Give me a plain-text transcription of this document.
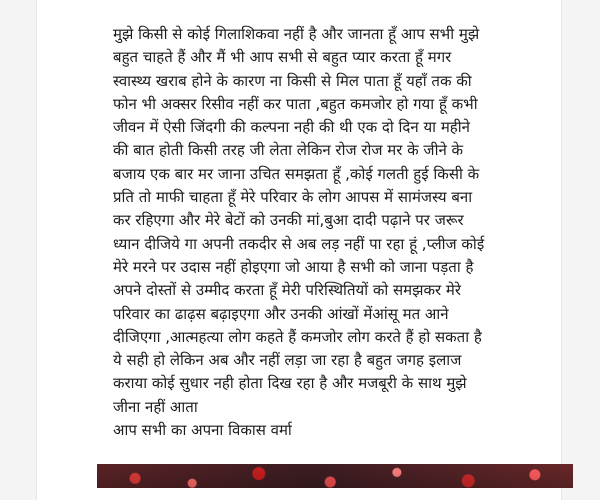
मुझे किसी से कोई गिलाशिकवा नहीं है और जानता हूँ आप सभी मुझे
बहुत चाहते हैं और मैं भी आप सभी से बहुत प्यार करता हूँ मगर
स्वास्थ्य खराब होने के कारण ना किसी से मिल पाता हूँ यहाँ तक की
फोन भी अक्सर रिसीव नहीं कर पाता ,बहुत कमजोर हो गया हूँ कभी
जीवन में ऐसी जिंदगी की कल्पना नही की थी एक दो दिन या महीने
की बात होती किसी तरह जी लेता लेकिन रोज रोज मर के जीने के
बजाय एक बार मर जाना उचित समझता हूँ ,कोई गलती हुई किसी के
प्रति तो माफी चाहता हूँ मेरे परिवार के लोग आपस में सामंजस्य बना
कर रहिएगा और मेरे बेटों को उनकी मां,बुआ दादी पढ़ाने पर जरूर
ध्यान दीजिये गा अपनी तकदीर से अब लड़ नहीं पा रहा हूं ,प्लीज कोई
मेरे मरने पर उदास नहीं होइएगा जो आया है सभी को जाना पड़ता है
अपने दोस्तों से उम्मीद करता हूँ मेरी परिस्थितियों को समझकर मेरे
परिवार का ढाढ़स बढ़ाइएगा और उनकी आंखों मेंआंसू मत आने
दीजिएगा ,आत्महत्या लोग कहते हैं कमजोर लोग करते हैं हो सकता है
ये सही हो लेकिन अब और नहीं लड़ा जा रहा है बहुत जगह इलाज
कराया कोई सुधार नही होता दिख रहा है और मजबूरी के साथ मुझे
जीना नहीं आता
आप सभी का अपना विकास वर्मा
